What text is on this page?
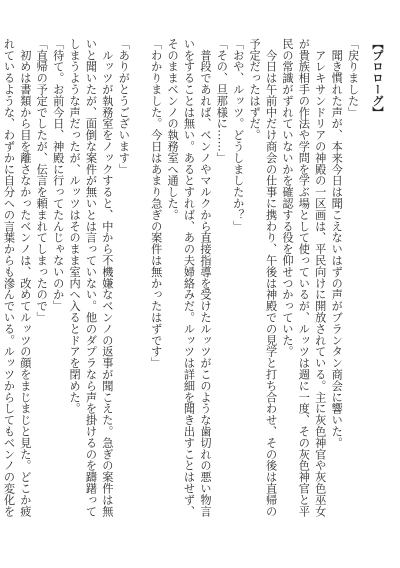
【プロローグ】
「戻りました」
　聞き慣れた声が、本来今日は聞こえないはずの声がブランタン商会に響いた。
　アレキサンドリアの神殿の一区画は、平民向けに開放されている。主に灰色神官や灰色巫女が貴族相手の作法や学問を学ぶ場として使っているが、ルッツは週に一度、その灰色神官と平民の常識がずれていないかを確認する役を仰せつかっていた。
　今日は午前中だけ商会の仕事に携わり、午後は神殿での見学と打ち合わせ、その後は直帰の予定だったはずだ。
「おや、ルッツ。どうしましたか？」
「その、旦那様に……」
　普段であれば、ベンノやマルクから直接指導を受けたルッツがこのような歯切れの悪い物言いをすることは無い。あるとすれば、あの夫婦絡みだ。ルッツは詳細を聞き出すことはせず、そのままベンノの執務室へ通した。
「わかりました。今日はあまり急ぎの案件は無かったはずです」
「ありがとうございます」
　ルッツが執務室をノックすると、中から不機嫌なベンノの返事が聞こえた。急ぎの案件は無いと聞いたが、面倒な案件が無いとは言っていない。他のダプラなら声を掛けるのを躊躇ってしまうような声だったが、ルッツはそのまま室内へ入るとドアを閉めた。
「待て。お前今日、神殿に行ってたんじゃないのか」
「直帰の予定でしたが、伝言を頼まれてしまったので」
　初めは書類から目を離さなかったベンノは、改めてルッツの顔をまじまじと見た。どこか疲れているような、わずかに自分への言葉からも滲んでいる。ルッツからしてもベンノの変化を
